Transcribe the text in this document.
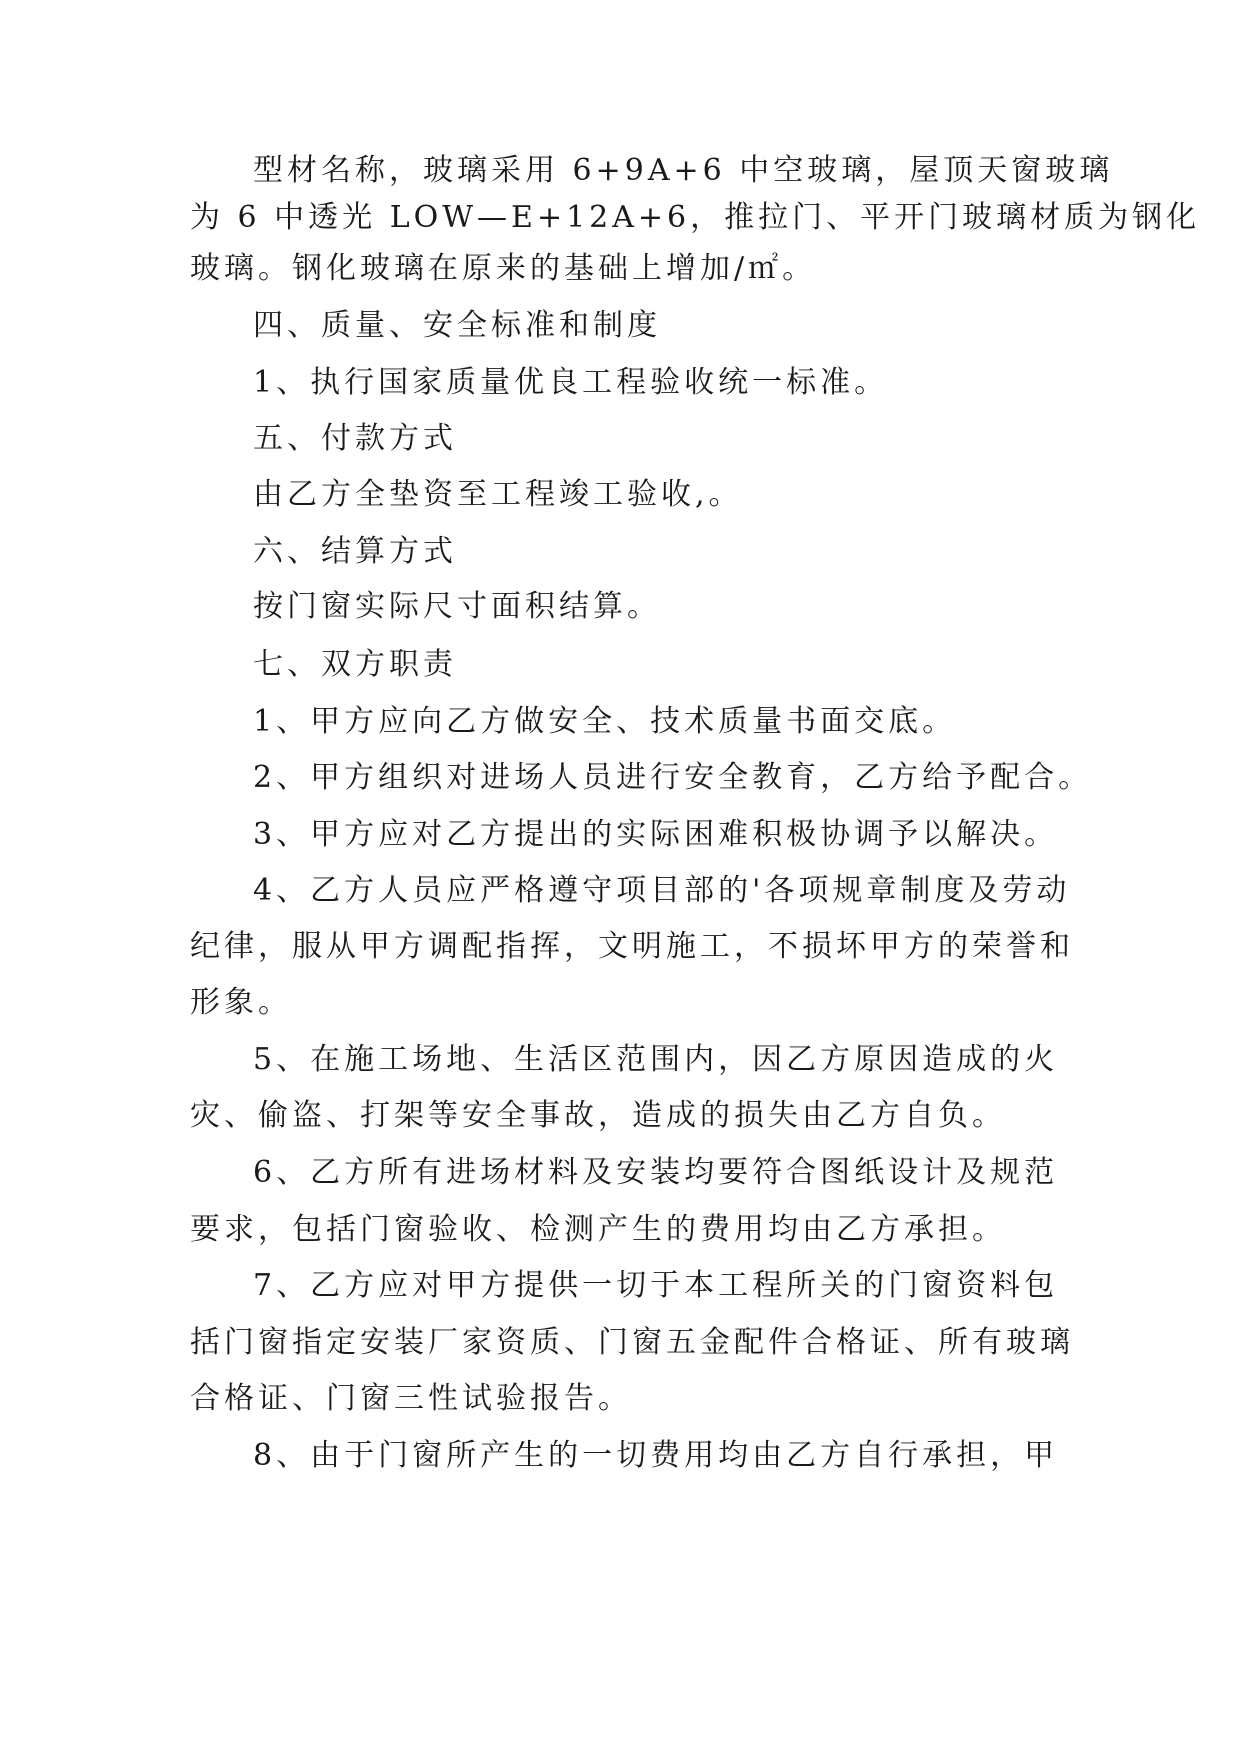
型材名称，玻璃采用 6+9A+6 中空玻璃，屋顶天窗玻璃
为 6 中透光 LOW—E+12A+6，推拉门、平开门玻璃材质为钢化
玻璃。钢化玻璃在原来的基础上增加/㎡。
四、质量、安全标准和制度
1、执行国家质量优良工程验收统一标准。
五、付款方式
由乙方全垫资至工程竣工验收,。
六、结算方式
按门窗实际尺寸面积结算。
七、双方职责
1、甲方应向乙方做安全、技术质量书面交底。
2、甲方组织对进场人员进行安全教育，乙方给予配合。
3、甲方应对乙方提出的实际困难积极协调予以解决。
4、乙方人员应严格遵守项目部的'各项规章制度及劳动
纪律，服从甲方调配指挥，文明施工，不损坏甲方的荣誉和
形象。
5、在施工场地、生活区范围内，因乙方原因造成的火
灾、偷盗、打架等安全事故，造成的损失由乙方自负。
6、乙方所有进场材料及安装均要符合图纸设计及规范
要求，包括门窗验收、检测产生的费用均由乙方承担。
7、乙方应对甲方提供一切于本工程所关的门窗资料包
括门窗指定安装厂家资质、门窗五金配件合格证、所有玻璃
合格证、门窗三性试验报告。
8、由于门窗所产生的一切费用均由乙方自行承担，甲
